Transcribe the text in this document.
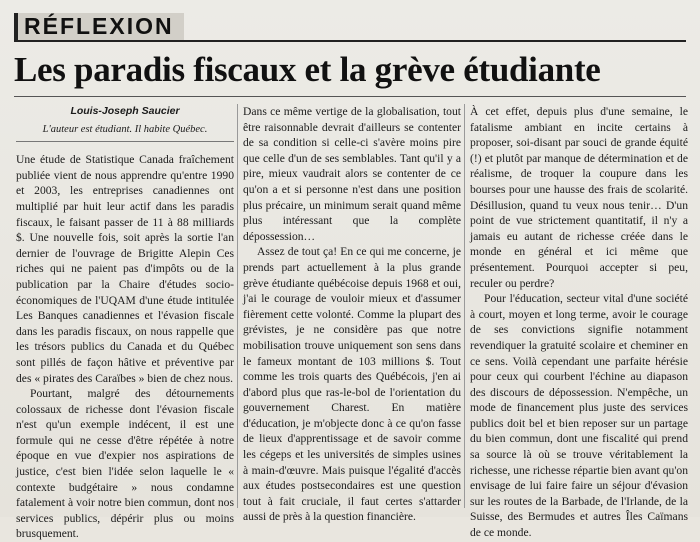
RÉFLEXION
Les paradis fiscaux et la grève étudiante
Louis-Joseph Saucier
L'auteur est étudiant. Il habite Québec.

Une étude de Statistique Canada fraîchement publiée vient de nous apprendre qu'entre 1990 et 2003, les entreprises canadiennes ont multiplié par huit leur actif dans les paradis fiscaux, le faisant passer de 11 à 88 milliards $. Une nouvelle fois, soit après la sortie l'an dernier de l'ouvrage de Brigitte Alepin Ces riches qui ne paient pas d'impôts ou de la publication par la Chaire d'études socio-économiques de l'UQAM d'une étude intitulée Les Banques canadiennes et l'évasion fiscale dans les paradis fiscaux, on nous rappelle que les trésors publics du Canada et du Québec sont pillés de façon hâtive et préventive par des « pirates des Caraïbes » bien de chez nous.

Pourtant, malgré des détournements colossaux de richesse dont l'évasion fiscale n'est qu'un exemple indécent, il est une formule qui ne cesse d'être répétée à notre époque en vue d'expier nos aspirations de justice, c'est bien l'idée selon laquelle le « contexte budgétaire » nous condamne fatalement à voir notre bien commun, dont nos services publics, dépérir plus ou moins brusquement.

Dans ce même vertige de la globalisation, tout être raisonnable devrait d'ailleurs se contenter de sa condition si celle-ci s'avère moins pire que celle d'un de ses semblables. Tant qu'il y a pire, mieux vaudrait alors se contenter de ce qu'on a et si personne n'est dans une position plus précaire, un minimum serait quand même plus intéressant que la complète dépossession…

Assez de tout ça! En ce qui me concerne, je prends part actuellement à la plus grande grève étudiante québécoise depuis 1968 et oui, j'ai le courage de vouloir mieux et d'assumer fièrement cette volonté. Comme la plupart des grévistes, je ne considère pas que notre mobilisation trouve uniquement son sens dans le fameux montant de 103 millions $. Tout comme les trois quarts des Québécois, j'en ai d'abord plus que ras-le-bol de l'orientation du gouvernement Charest. En matière d'éducation, je m'objecte donc à ce qu'on fasse de lieux d'apprentissage et de savoir comme les cégeps et les universités de simples usines à main-d'œuvre. Mais puisque l'égalité d'accès aux études postsecondaires est une question tout à fait cruciale, il faut certes s'attarder aussi de près à la question financière.

À cet effet, depuis plus d'une semaine, le fatalisme ambiant en incite certains à proposer, soi-disant par souci de grande équité (!) et plutôt par manque de détermination et de réalisme, de troquer la coupure dans les bourses pour une hausse des frais de scolarité. Désillusion, quand tu veux nous tenir… D'un point de vue strictement quantitatif, il n'y a jamais eu autant de richesse créée dans le monde en général et ici même que présentement. Pourquoi accepter si peu, reculer ou perdre?

Pour l'éducation, secteur vital d'une société à court, moyen et long terme, avoir le courage de ses convictions signifie notamment revendiquer la gratuité scolaire et cheminer en ce sens. Voilà cependant une parfaite hérésie pour ceux qui courbent l'échine au diapason des discours de dépossession. N'empêche, un mode de financement plus juste des services publics doit bel et bien reposer sur un partage du bien commun, dont une fiscalité qui prend sa source là où se trouve véritablement la richesse, une richesse répartie bien avant qu'on envisage de lui faire faire un séjour d'évasion sur les routes de la Barbade, de l'Irlande, de la Suisse, des Bermudes et autres Îles Caïmans de ce monde.
